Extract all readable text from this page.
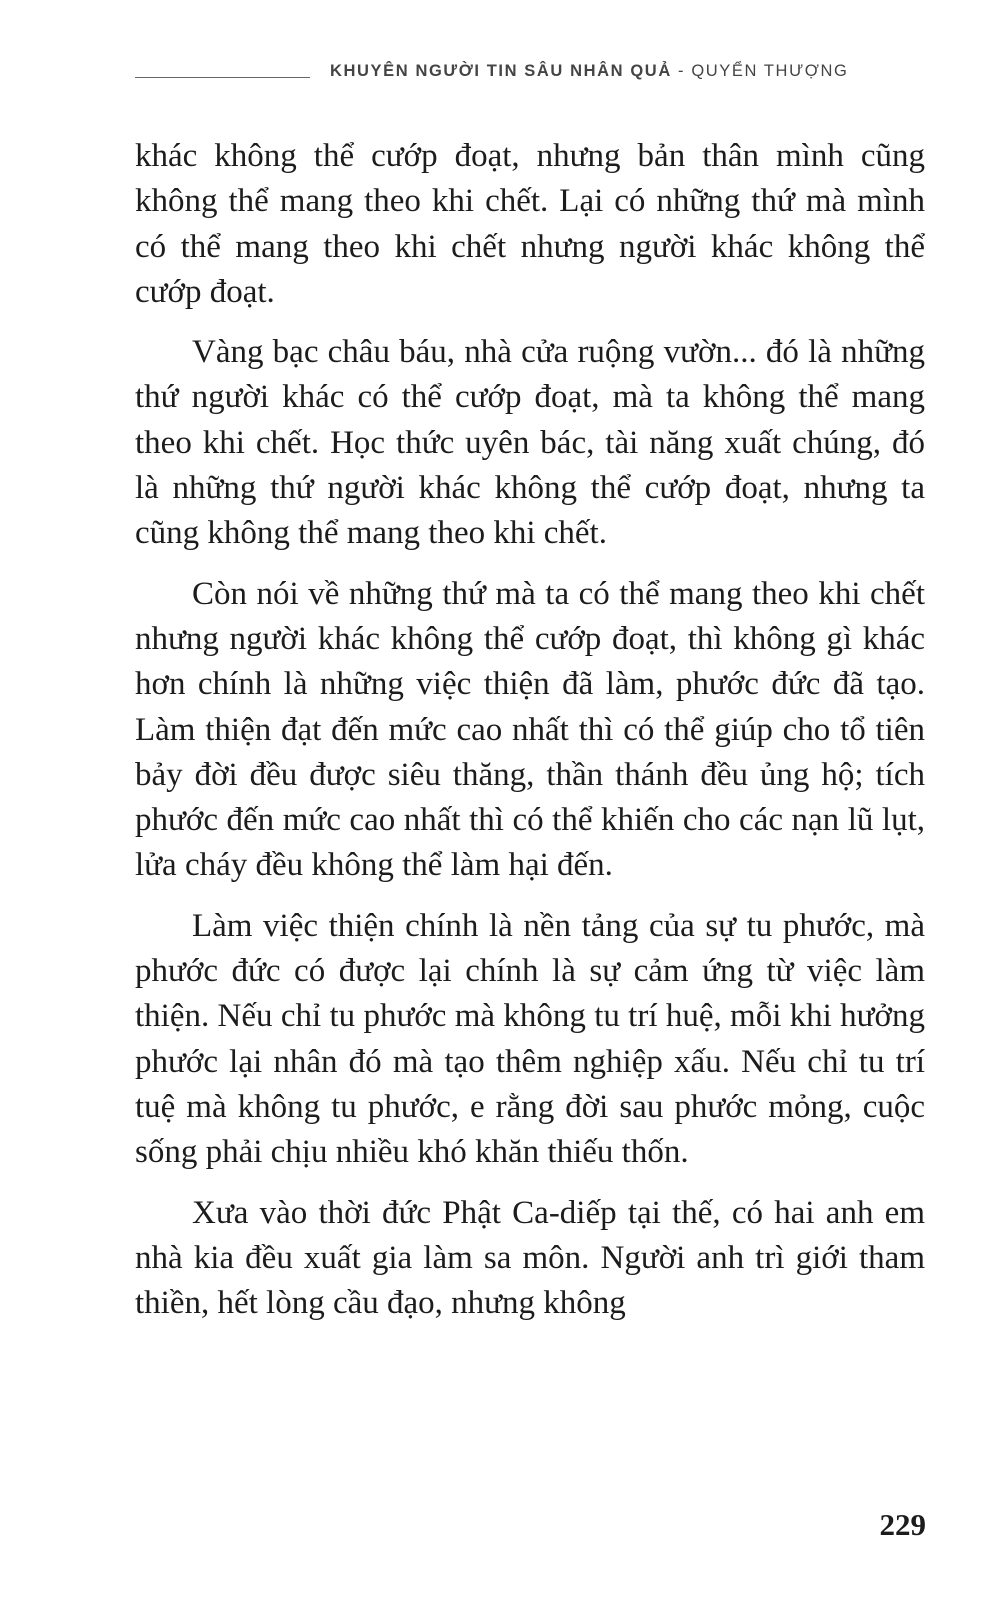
KHUYÊN NGƯỜI TIN SÂU NHÂN QUẢ - QUYỂN THƯỢNG

khác không thể cướp đoạt, nhưng bản thân mình cũng không thể mang theo khi chết. Lại có những thứ mà mình có thể mang theo khi chết nhưng người khác không thể cướp đoạt.

Vàng bạc châu báu, nhà cửa ruộng vườn... đó là những thứ người khác có thể cướp đoạt, mà ta không thể mang theo khi chết. Học thức uyên bác, tài năng xuất chúng, đó là những thứ người khác không thể cướp đoạt, nhưng ta cũng không thể mang theo khi chết.

Còn nói về những thứ mà ta có thể mang theo khi chết nhưng người khác không thể cướp đoạt, thì không gì khác hơn chính là những việc thiện đã làm, phước đức đã tạo. Làm thiện đạt đến mức cao nhất thì có thể giúp cho tổ tiên bảy đời đều được siêu thăng, thần thánh đều ủng hộ; tích phước đến mức cao nhất thì có thể khiến cho các nạn lũ lụt, lửa cháy đều không thể làm hại đến.

Làm việc thiện chính là nền tảng của sự tu phước, mà phước đức có được lại chính là sự cảm ứng từ việc làm thiện. Nếu chỉ tu phước mà không tu trí huệ, mỗi khi hưởng phước lại nhân đó mà tạo thêm nghiệp xấu. Nếu chỉ tu trí tuệ mà không tu phước, e rằng đời sau phước mỏng, cuộc sống phải chịu nhiều khó khăn thiếu thốn.

Xưa vào thời đức Phật Ca-diếp tại thế, có hai anh em nhà kia đều xuất gia làm sa môn. Người anh trì giới tham thiền, hết lòng cầu đạo, nhưng không

229
